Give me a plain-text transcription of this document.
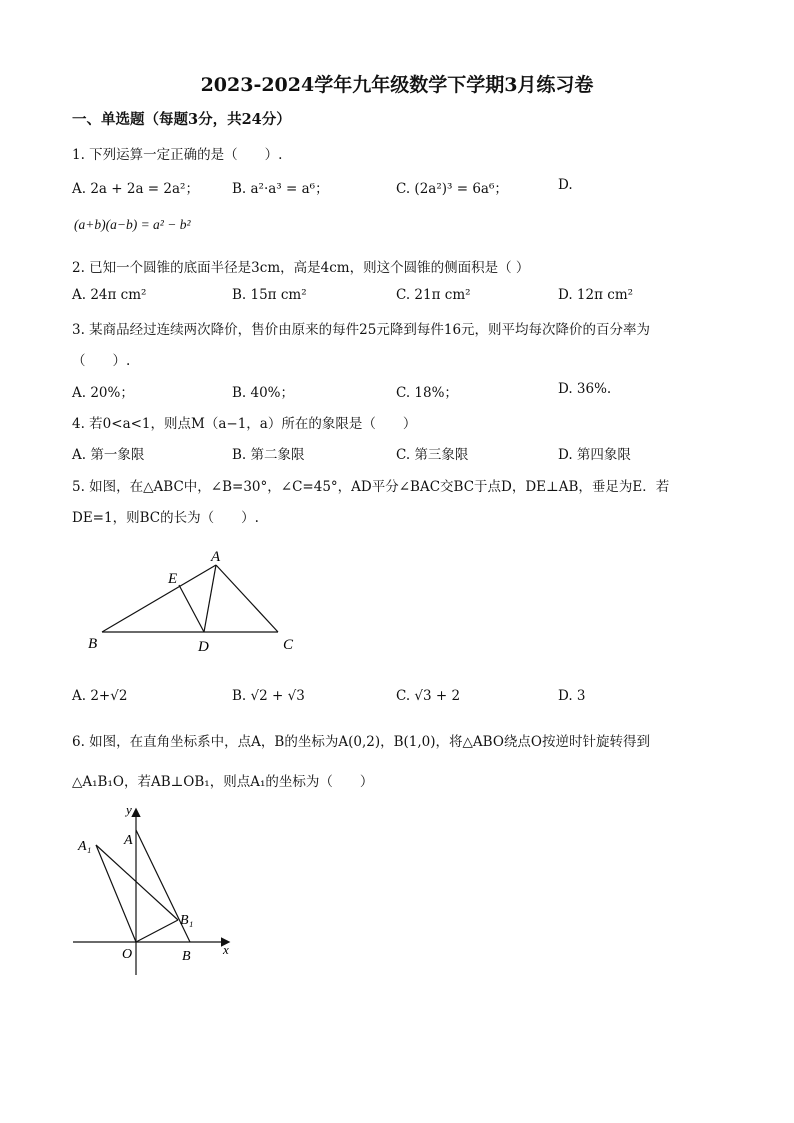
2023-2024学年九年级数学下学期3月练习卷
一、单选题（每题3分，共24分）
1. 下列运算一定正确的是（　　）.
A. 2a + 2a = 2a²； B. a²·a³ = a⁶；	C. (2a²)³ = 6a⁶；	D.
(a+b)(a−b) = a² − b²
2. 已知一个圆锥的底面半径是3cm，高是4cm，则这个圆锥的侧面积是（ ）
A. 24π cm²	B. 15π cm²	C. 21π cm²	D. 12π cm²
3. 某商品经过连续两次降价，售价由原来的每件25元降到每件16元，则平均每次降价的百分率为
（　　）.
A. 20%；	B. 40%；	C. 18%；	D. 36%.
4. 若0<a<1，则点M（a−1，a）所在的象限是（　　）
A. 第一象限	B. 第二象限	C. 第三象限	D. 第四象限
5. 如图，在△ABC中，∠B=30°，∠C=45°，AD平分∠BAC交BC于点D，DE⊥AB，垂足为E．若
DE=1，则BC的长为（　　）.
A
E
B	D	C
A. 2+√2	B. √2 + √3	C. √3 + 2	D. 3
6. 如图，在直角坐标系中，点A，B的坐标为A(0,2)，B(1,0)，将△ABO绕点O按逆时针旋转得到
△A₁B₁O，若AB⊥OB₁，则点A₁的坐标为（　　）
y
x
A
A₁
B₁
O	B
